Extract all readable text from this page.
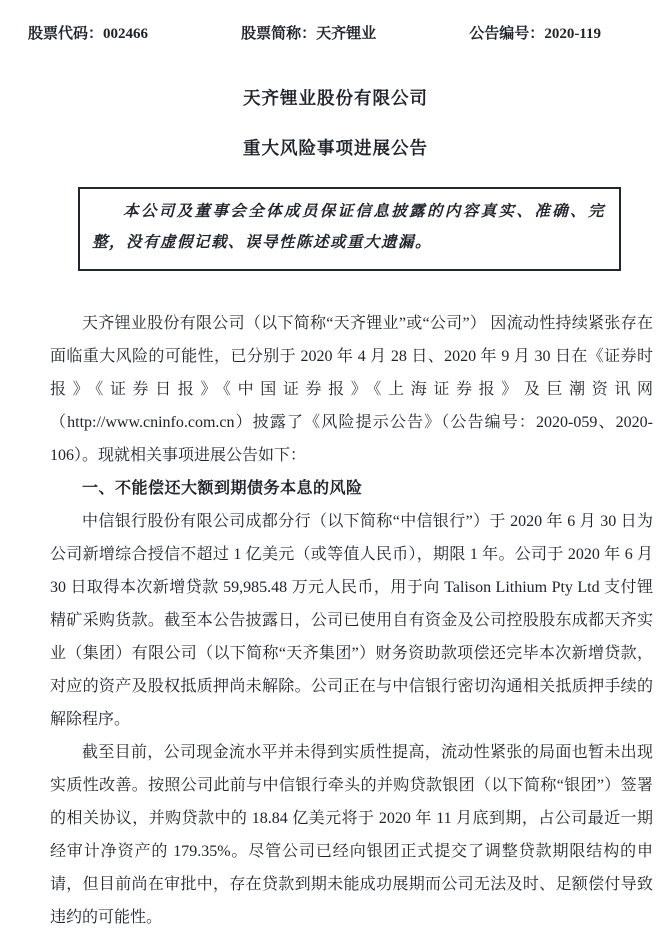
股票代码：002466	股票简称：天齐锂业	公告编号：2020-119
天齐锂业股份有限公司
重大风险事项进展公告

本公司及董事会全体成员保证信息披露的内容真实、准确、完整，没有虚假记载、误导性陈述或重大遗漏。

天齐锂业股份有限公司（以下简称“天齐锂业”或“公司”） 因流动性持续紧张存在面临重大风险的可能性，已分别于 2020 年 4 月 28 日、2020 年 9 月 30 日在《证券时报》《证券日报》《中国证券报》《上海证券报》及巨潮资讯网（http://www.cninfo.com.cn）披露了《风险提示公告》（公告编号：2020-059、2020-106）。现就相关事项进展公告如下：

一、不能偿还大额到期债务本息的风险

中信银行股份有限公司成都分行（以下简称“中信银行”）于 2020 年 6 月 30 日为公司新增综合授信不超过 1 亿美元（或等值人民币），期限 1 年。公司于 2020 年 6 月 30 日取得本次新增贷款 59,985.48 万元人民币，用于向 Talison Lithium Pty Ltd 支付锂精矿采购货款。截至本公告披露日，公司已使用自有资金及公司控股股东成都天齐实业（集团）有限公司（以下简称“天齐集团”）财务资助款项偿还完毕本次新增贷款，对应的资产及股权抵质押尚未解除。公司正在与中信银行密切沟通相关抵质押手续的解除程序。

截至目前，公司现金流水平并未得到实质性提高，流动性紧张的局面也暂未出现实质性改善。按照公司此前与中信银行牵头的并购贷款银团（以下简称“银团”）签署的相关协议，并购贷款中的 18.84 亿美元将于 2020 年 11 月底到期，占公司最近一期经审计净资产的 179.35%。尽管公司已经向银团正式提交了调整贷款期限结构的申请，但目前尚在审批中，存在贷款到期未能成功展期而公司无法及时、足额偿付导致违约的可能性。
